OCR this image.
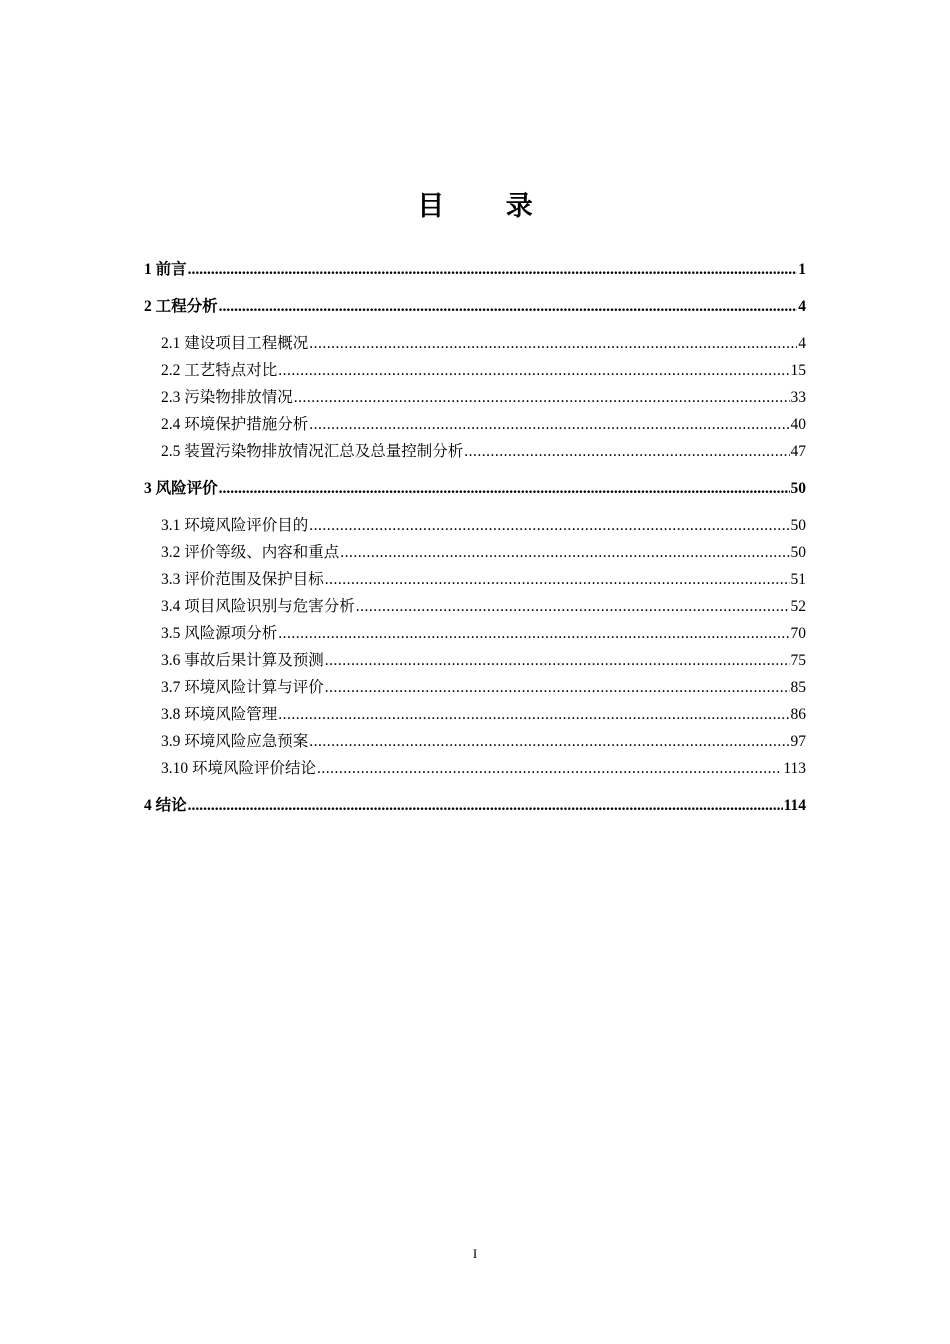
目 录
1 前言 .....	1
2 工程分析 .....	4
2.1 建设项目工程概况 .....	4
2.2 工艺特点对比 .....	15
2.3 污染物排放情况 .....	33
2.4 环境保护措施分析 .....	40
2.5 装置污染物排放情况汇总及总量控制分析 .....	47
3 风险评价 .....	50
3.1 环境风险评价目的 .....	50
3.2 评价等级、内容和重点 .....	50
3.3 评价范围及保护目标 .....	51
3.4 项目风险识别与危害分析 .....	52
3.5 风险源项分析 .....	70
3.6 事故后果计算及预测 .....	75
3.7 环境风险计算与评价 .....	85
3.8 环境风险管理 .....	86
3.9 环境风险应急预案 .....	97
3.10 环境风险评价结论 .....	113
4 结论 .....	114
I
